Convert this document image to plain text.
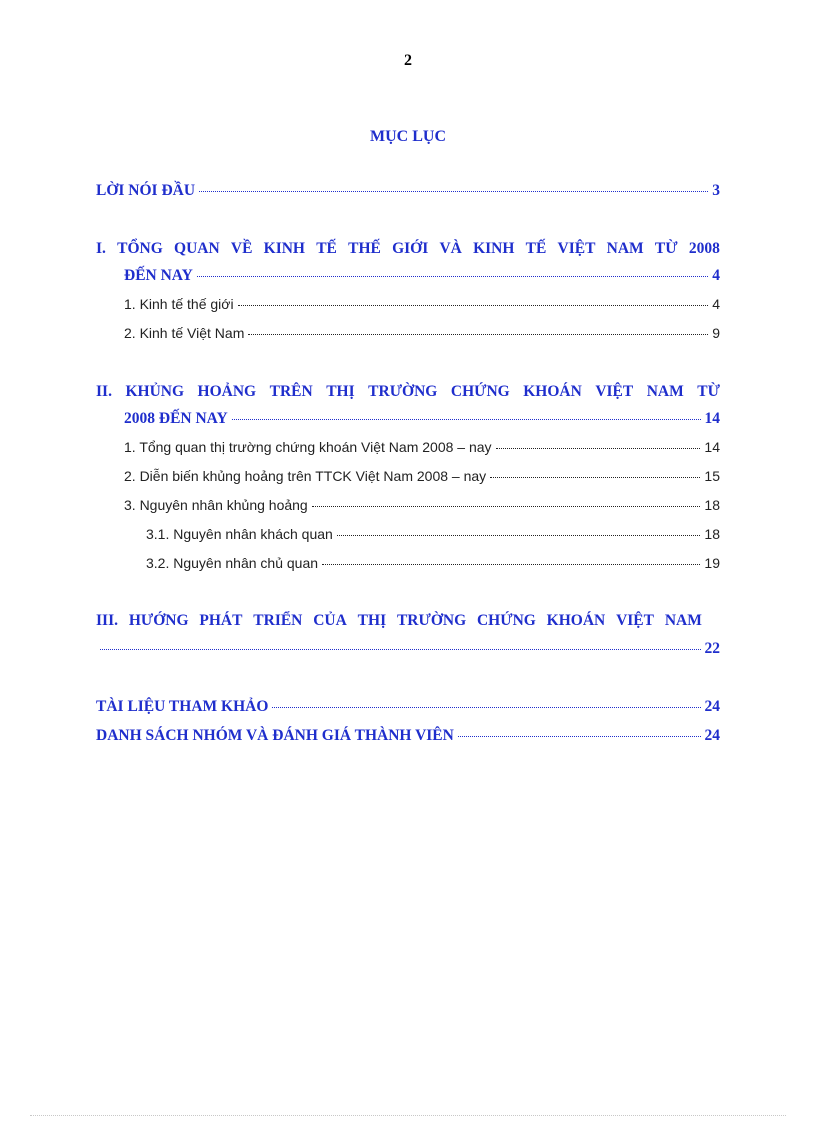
2
MỤC LỤC
LỜI NÓI ĐẦU	3
I. TỔNG QUAN VỀ KINH TẾ THẾ GIỚI VÀ KINH TẾ VIỆT NAM TỪ 2008
ĐẾN NAY	4
1. Kinh tế thế giới	4
2. Kinh tế Việt Nam	9
II. KHỦNG HOẢNG TRÊN THỊ TRƯỜNG CHỨNG KHOÁN VIỆT NAM TỪ
2008 ĐẾN NAY	14
1. Tổng quan thị trường chứng khoán Việt Nam 2008 – nay	14
2. Diễn biến khủng hoảng trên TTCK Việt Nam 2008 – nay	15
3. Nguyên nhân khủng hoảng	18
3.1. Nguyên nhân khách quan	18
3.2. Nguyên nhân chủ quan	19
III. HƯỚNG PHÁT TRIỂN CỦA THỊ TRƯỜNG CHỨNG KHOÁN VIỆT NAM
22
TÀI LIỆU THAM KHẢO	24
DANH SÁCH NHÓM VÀ ĐÁNH GIÁ THÀNH VIÊN	24
